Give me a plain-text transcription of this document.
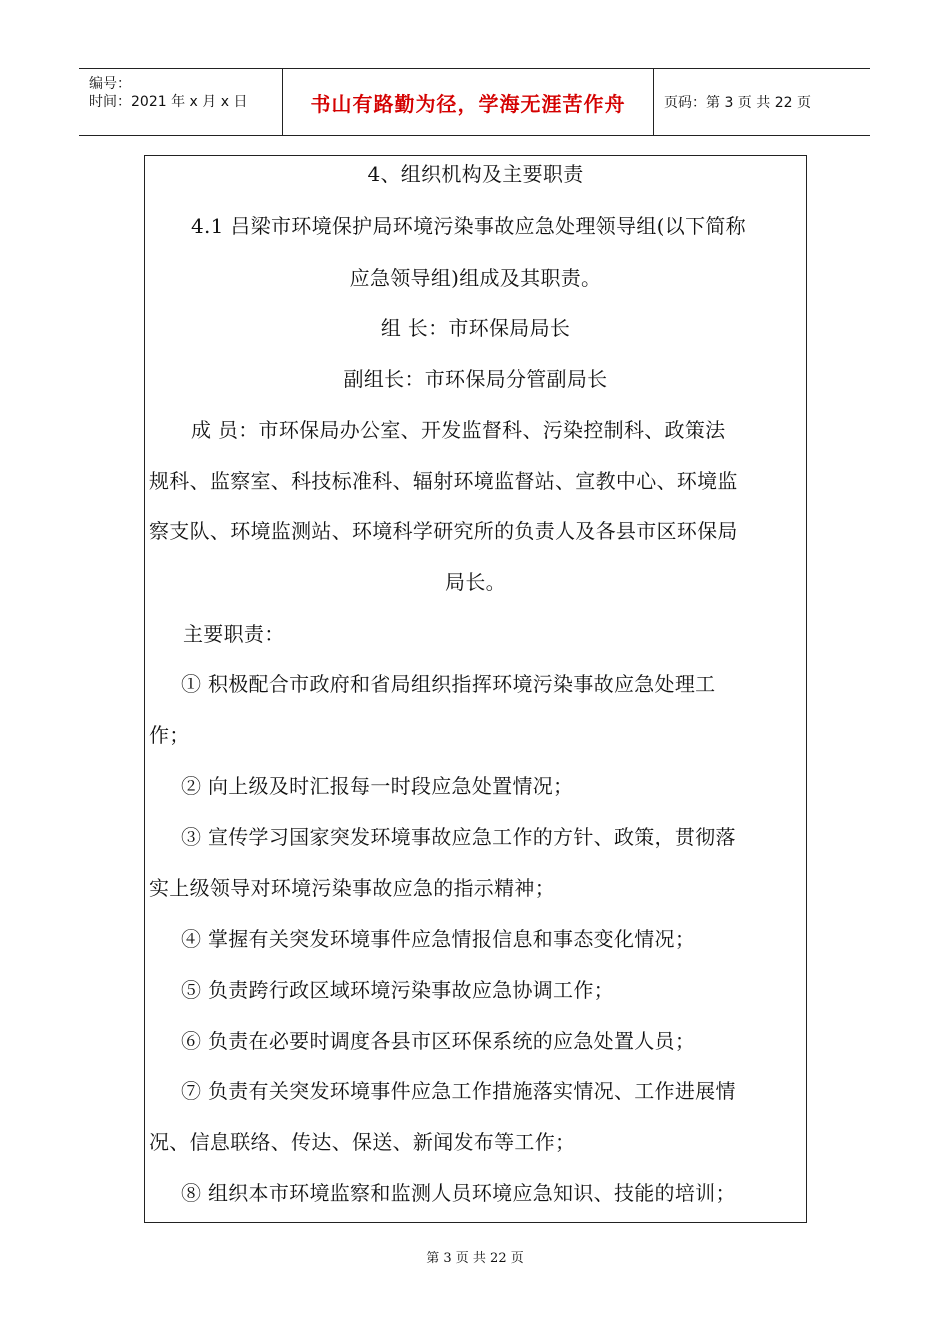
编号：
时间：2021 年 x 月 x 日	书山有路勤为径，学海无涯苦作舟	页码：第 3 页 共 22 页
4、组织机构及主要职责
4.1 吕梁市环境保护局环境污染事故应急处理领导组(以下简称
应急领导组)组成及其职责。
组 长：市环保局局长
副组长：市环保局分管副局长
成 员：市环保局办公室、开发监督科、污染控制科、政策法
规科、监察室、科技标准科、辐射环境监督站、宣教中心、环境监
察支队、环境监测站、环境科学研究所的负责人及各县市区环保局
局长。
主要职责：
① 积极配合市政府和省局组织指挥环境污染事故应急处理工
作；
② 向上级及时汇报每一时段应急处置情况；
③ 宣传学习国家突发环境事故应急工作的方针、政策，贯彻落
实上级领导对环境污染事故应急的指示精神；
④ 掌握有关突发环境事件应急情报信息和事态变化情况；
⑤ 负责跨行政区域环境污染事故应急协调工作；
⑥ 负责在必要时调度各县市区环保系统的应急处置人员；
⑦ 负责有关突发环境事件应急工作措施落实情况、工作进展情
况、信息联络、传达、保送、新闻发布等工作；
⑧ 组织本市环境监察和监测人员环境应急知识、技能的培训；
第 3 页 共 22 页
